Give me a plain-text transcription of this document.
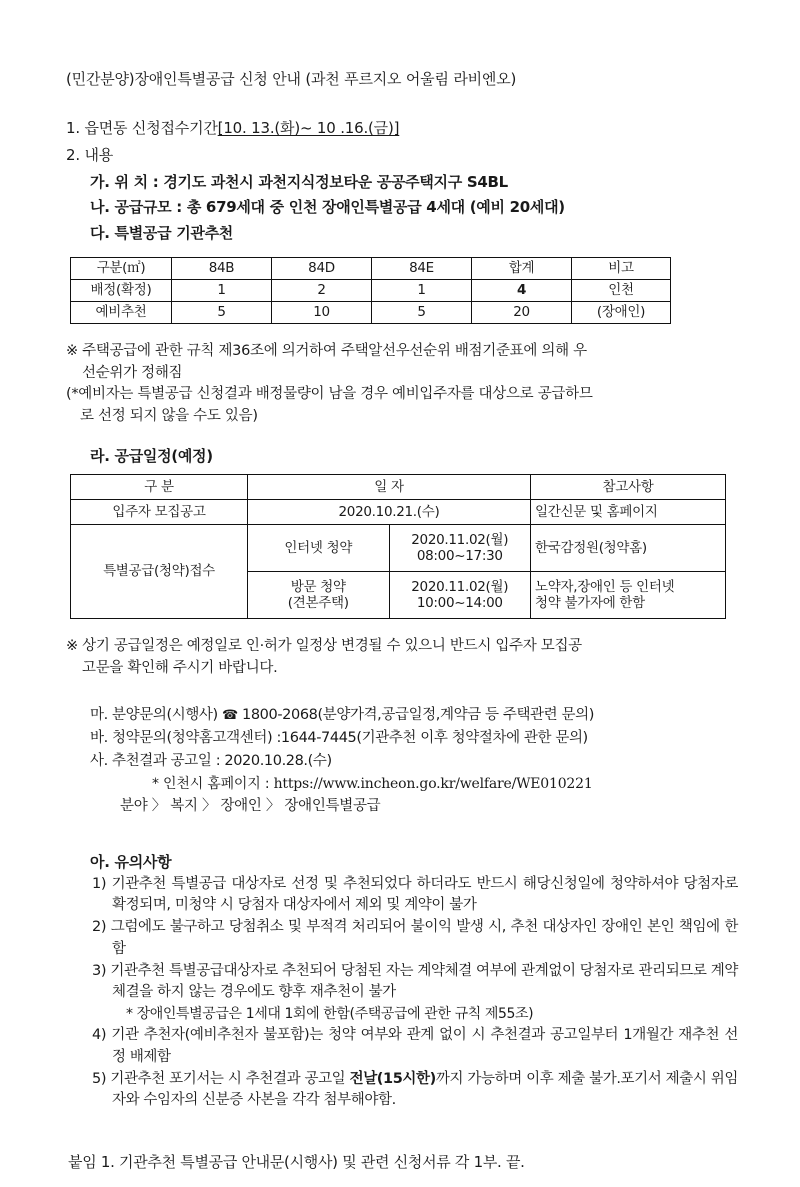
(민간분양)장애인특별공급 신청 안내 (과천 푸르지오 어울림 라비엔오)

1. 읍면동 신청접수기간[10. 13.(화)~ 10 .16.(금)]

2. 내용

가. 위 치 : 경기도 과천시 과천지식정보타운 공공주택지구 S4BL

나. 공급규모 : 총 679세대 중 인천 장애인특별공급 4세대 (예비 20세대)

다. 특별공급 기관추천

구분(㎡)	84B	84D	84E	합계	비고
배정(확정)	1	2	1	4	인천
예비추천	5	10	5	20	(장애인)

※ 주택공급에 관한 규칙 제36조에 의거하여 주택알선우선순위 배점기준표에 의해 우
선순위가 정해짐
(*예비자는 특별공급 신청결과 배정물량이 남을 경우 예비입주자를 대상으로 공급하므
로 선정 되지 않을 수도 있음)

라. 공급일정(예정)

구 분	일 자		참고사항
입주자 모집공고	2020.10.21.(수)		일간신문 및 홈페이지
특별공급(청약)접수	인터넷 청약	2020.11.02(월)
08:00~17:30	한국감정원(청약홈)
	방문 청약
(견본주택)	2020.11.02(월)
10:00~14:00	노약자,장애인 등 인터넷
청약 불가자에 한함

※ 상기 공급일정은 예정일로 인·허가 일정상 변경될 수 있으니 반드시 입주자 모집공
고문을 확인해 주시기 바랍니다.

마. 분양문의(시행사) ☎ 1800-2068(분양가격,공급일정,계약금 등 주택관련 문의)
바. 청약문의(청약홈고객센터) :1644-7445(기관추천 이후 청약절차에 관한 문의)
사. 추천결과 공고일 : 2020.10.28.(수)
* 인천시 홈페이지 : https://www.incheon.go.kr/welfare/WE010221
분야 〉 복지 〉 장애인 〉 장애인특별공급

아. 유의사항

1) 기관추천 특별공급 대상자로 선정 및 추천되었다 하더라도 반드시 해당신청일에 청약하셔야 당첨자로 확정되며, 미청약 시 당첨자 대상자에서 제외 및 계약이 불가
2) 그럼에도 불구하고 당첨취소 및 부적격 처리되어 불이익 발생 시, 추천 대상자인 장애인 본인 책임에 한함
3) 기관추천 특별공급대상자로 추천되어 당첨된 자는 계약체결 여부에 관계없이 당첨자로 관리되므로 계약체결을 하지 않는 경우에도 향후 재추천이 불가
* 장애인특별공급은 1세대 1회에 한함(주택공급에 관한 규칙 제55조)
4) 기관 추천자(예비추천자 불포함)는 청약 여부와 관계 없이 시 추천결과 공고일부터 1개월간 재추천 선정 배제함
5) 기관추천 포기서는 시 추천결과 공고일 전날(15시한)까지 가능하며 이후 제출 불가.포기서 제출시 위임자와 수임자의 신분증 사본을 각각 첨부해야함.

붙임 1. 기관추천 특별공급 안내문(시행사) 및 관련 신청서류 각 1부. 끝.
